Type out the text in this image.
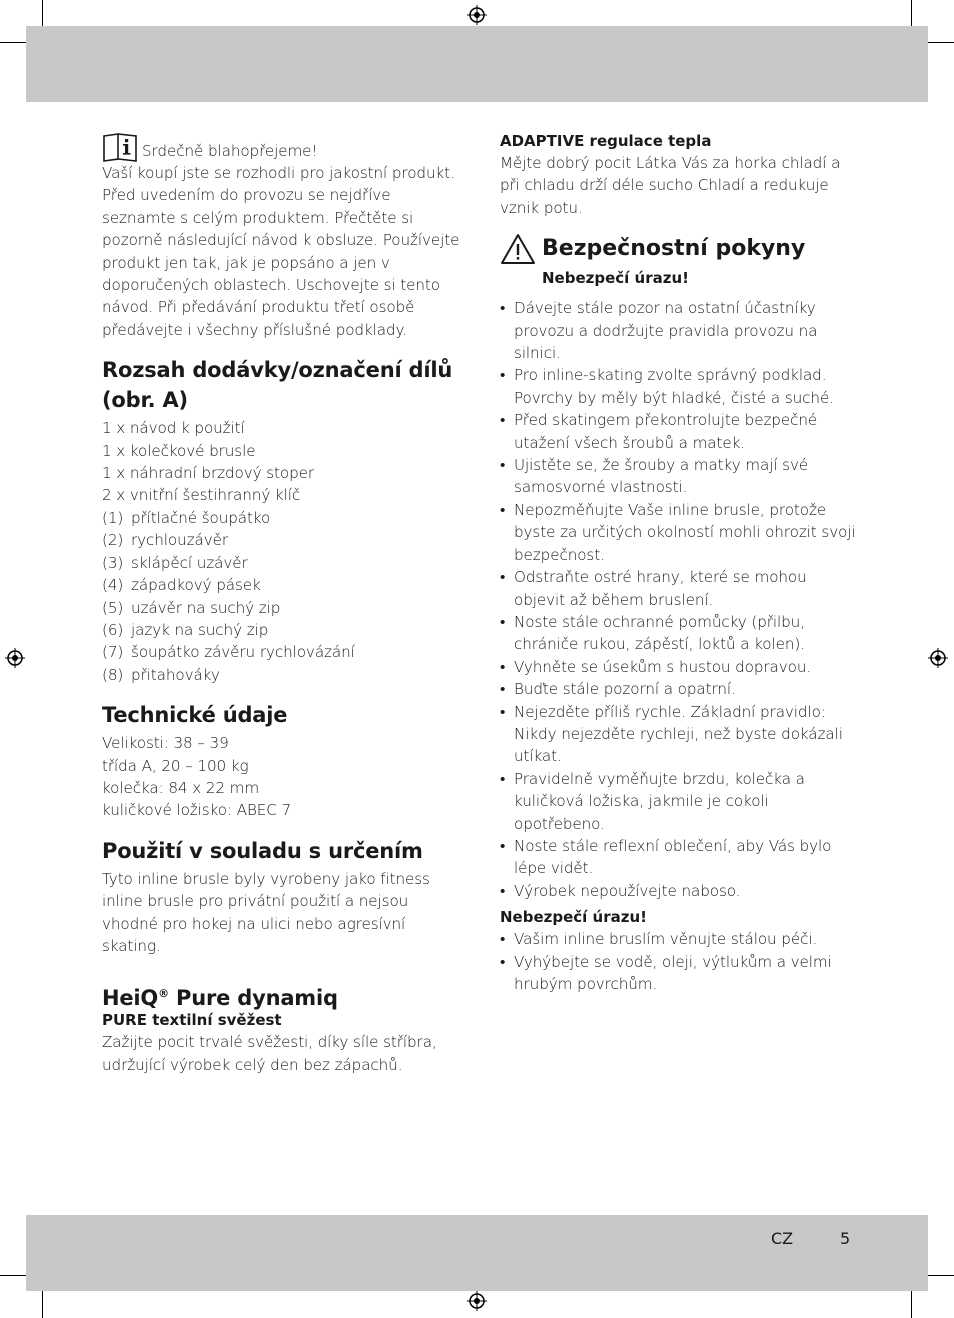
Srdečně blahopřejeme!

Vaší koupí jste se rozhodli pro jakostní produkt. Před uvedením do provozu se nejdříve seznamte s celým produktem. Přečtěte si pozorně následující návod k obsluze. Používejte produkt jen tak, jak je popsáno a jen v doporučených oblastech. Uschovejte si tento návod. Při předávání produktu třetí osobě předávejte i všechny příslušné podklady.

Rozsah dodávky/označení dílů (obr. A)
1 x návod k použití
1 x kolečkové brusle
1 x náhradní brzdový stoper
2 x vnitřní šestihranný klíč
(1) přítlačné šoupátko
(2) rychlouzávěr
(3) sklápěcí uzávěr
(4) západkový pásek
(5) uzávěr na suchý zip
(6) jazyk na suchý zip
(7) šoupátko závěru rychlovázání
(8) přitahováky
Technické údaje

Velikosti: 38 – 39

třída A, 20 – 100 kg

kolečka: 84 x 22 mm

kuličkové ložisko: ABEC 7

Použití v souladu s určením

Tyto inline brusle byly vyrobeny jako fitness inline brusle pro privátní použití a nejsou vhodné pro hokej na ulici nebo agresívní skating.

HeiQ® Pure dynamiq
PURE textilní svěžest

Zažijte pocit trvalé svěžesti, díky síle stříbra, udržující výrobek celý den bez zápachů.

ADAPTIVE regulace tepla

Mějte dobrý pocit Látka Vás za horka chladí a při chladu drží déle sucho Chladí a redukuje vznik potu.

Bezpečnostní pokyny
Nebezpečí úrazu!
• Dávejte stále pozor na ostatní účastníky provozu a dodržujte pravidla provozu na silnici.
• Pro inline-skating zvolte správný podklad. Povrchy by měly být hladké, čisté a suché.
• Před skatingem překontrolujte bezpečné utažení všech šroubů a matek.
• Ujistěte se, že šrouby a matky mají své samosvorné vlastnosti.
• Nepozměňujte Vaše inline brusle, protože byste za určitých okolností mohli ohrozit svoji bezpečnost.
• Odstraňte ostré hrany, které se mohou objevit až během bruslení.
• Noste stále ochranné pomůcky (přilbu, chrániče rukou, zápěstí, loktů a kolen).
• Vyhněte se úsekům s hustou dopravou.
• Buďte stále pozorní a opatrní.
• Nejezděte příliš rychle. Základní pravidlo: Nikdy nejezděte rychleji, než byste dokázali utíkat.
• Pravidelně vyměňujte brzdu, kolečka a kuličková ložiska, jakmile je cokoli opotřebeno.
• Noste stále reflexní oblečení, aby Vás bylo lépe vidět.
• Výrobek nepoužívejte naboso.
Nebezpečí úrazu!
• Vašim inline bruslím věnujte stálou péči.
• Vyhýbejte se vodě, oleji, výtlukům a velmi hrubým povrchům.
CZ	5
